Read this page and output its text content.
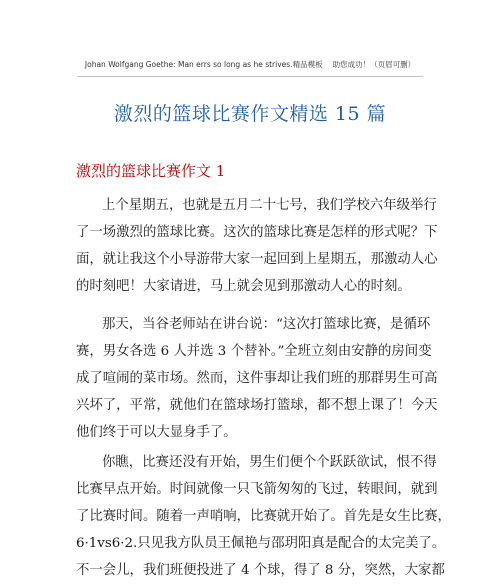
Johan Wolfgang Goethe: Man errs so long as he strives.精品模板 助您成功！（页眉可删）
激烈的篮球比赛作文精选 15 篇
激烈的篮球比赛作文 1

上个星期五，也就是五月二十七号，我们学校六年级举行
了一场激烈的篮球比赛。这次的篮球比赛是怎样的形式呢？下
面，就让我这个小导游带大家一起回到上星期五，那激动人心
的时刻吧！大家请进，马上就会见到那激动人心的时刻。

那天，当谷老师站在讲台说：“这次打篮球比赛，是循环
赛，男女各选 6 人并选 3 个替补。”全班立刻由安静的房间变
成了喧闹的菜市场。然而，这件事却让我们班的那群男生可高
兴坏了，平常，就他们在篮球场打篮球，都不想上课了！今天
他们终于可以大显身手了。

你瞧，比赛还没有开始，男生们便个个跃跃欲试，恨不得
比赛早点开始。时间就像一只飞箭匆匆的飞过，转眼间，就到
了比赛时间。随着一声哨响，比赛就开始了。首先是女生比赛，
6·1vs6·2.只见我方队员王佩艳与邵玥阳真是配合的太完美了。
不一会儿，我们班便投进了 4 个球，得了 8 分，突然，大家都
